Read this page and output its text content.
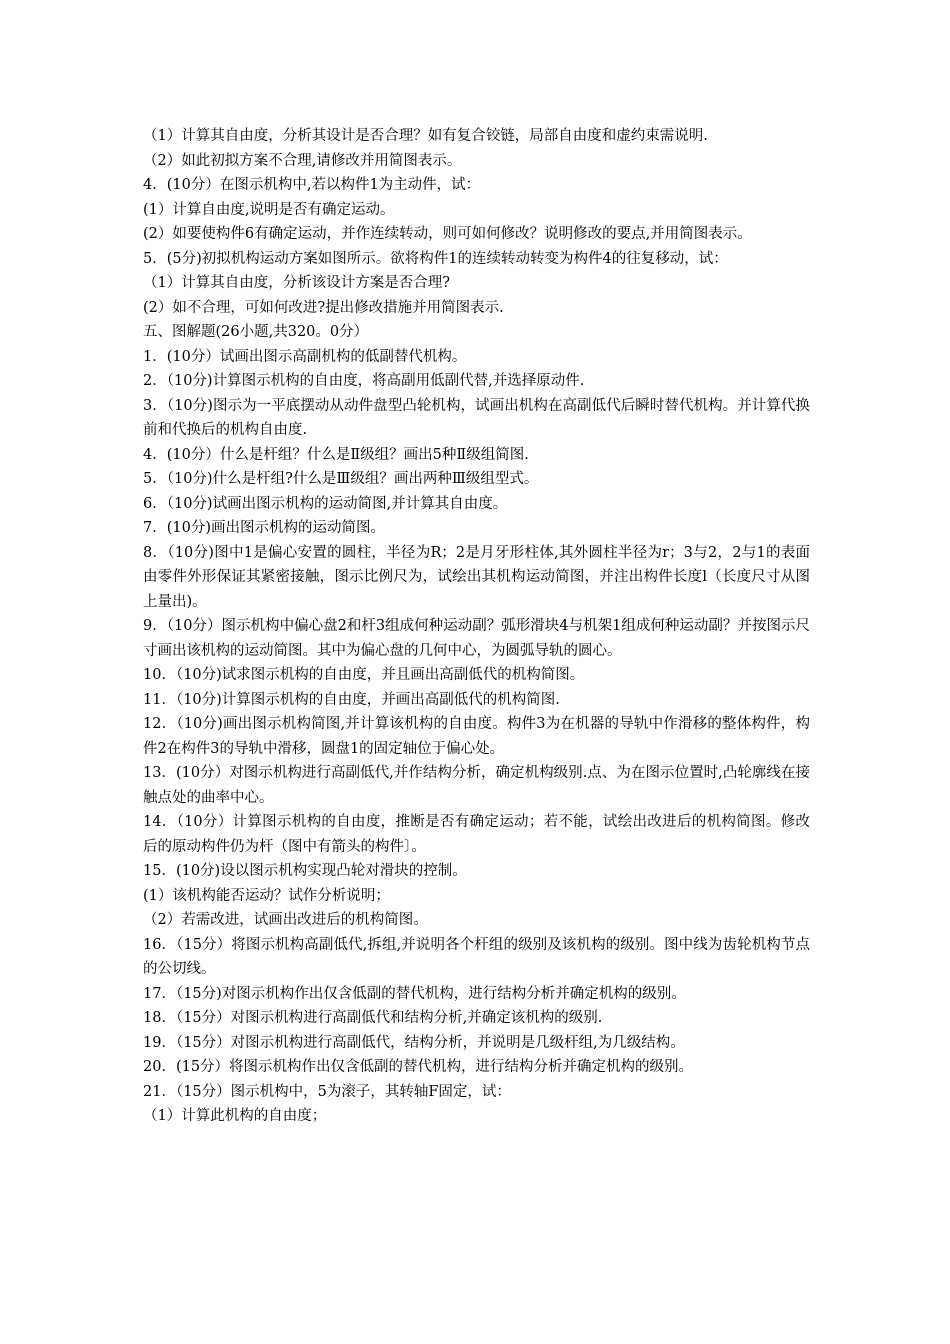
（1）计算其自由度，分析其设计是否合理？如有复合铰链，局部自由度和虚约束需说明.

（2）如此初拟方案不合理,请修改并用简图表示。

4．(10分）在图示机构中,若以构件1为主动件，试：

(1）计算自由度,说明是否有确定运动。

(2）如要使构件6有确定运动，并作连续转动，则可如何修改？说明修改的要点,并用简图表示。

5．(5分)初拟机构运动方案如图所示。欲将构件1的连续转动转变为构件4的往复移动，试：

（1）计算其自由度，分析该设计方案是否合理?

(2）如不合理，可如何改进?提出修改措施并用简图表示.

五、图解题(26小题,共320。0分）

1．(10分）试画出图示高副机构的低副替代机构。

2．（10分)计算图示机构的自由度，将高副用低副代替,并选择原动件.

3．（10分)图示为一平底摆动从动件盘型凸轮机构，试画出机构在高副低代后瞬时替代机构。并计算代换前和代换后的机构自由度.

4．(10分）什么是杆组？什么是Ⅱ级组？画出5种Ⅱ级组简图.

5．（10分)什么是杆组?什么是Ⅲ级组？画出两种Ⅲ级组型式。

6．（10分)试画出图示机构的运动简图,并计算其自由度。

7．(10分)画出图示机构的运动简图。

8．（10分)图中1是偏心安置的圆柱，半径为R；2是月牙形柱体,其外圆柱半径为r；3与2，2与1的表面由零件外形保证其紧密接触，图示比例尺为，试绘出其机构运动简图，并注出构件长度l（长度尺寸从图上量出)。

9．（10分）图示机构中偏心盘2和杆3组成何种运动副？弧形滑块4与机架1组成何种运动副？并按图示尺寸画出该机构的运动简图。其中为偏心盘的几何中心，为圆弧导轨的圆心。

10．（10分)试求图示机构的自由度，并且画出高副低代的机构简图。

11．（10分)计算图示机构的自由度，并画出高副低代的机构简图.

12．（10分)画出图示机构简图,并计算该机构的自由度。构件3为在机器的导轨中作滑移的整体构件，构件2在构件3的导轨中滑移，圆盘1的固定轴位于偏心处。

13．(10分）对图示机构进行高副低代,并作结构分析，确定机构级别.点、为在图示位置时,凸轮廓线在接触点处的曲率中心。

14．（10分）计算图示机构的自由度，推断是否有确定运动；若不能，试绘出改进后的机构简图。修改后的原动构件仍为杆（图中有箭头的构件〕。

15．(10分)设以图示机构实现凸轮对滑块的控制。

(1）该机构能否运动？试作分析说明；

（2）若需改进，试画出改进后的机构简图。

16．（15分）将图示机构高副低代,拆组,并说明各个杆组的级别及该机构的级别。图中线为齿轮机构节点的公切线。

17．（15分)对图示机构作出仅含低副的替代机构，进行结构分析并确定机构的级别。

18．（15分）对图示机构进行高副低代和结构分析,并确定该机构的级别.

19．（15分）对图示机构进行高副低代，结构分析，并说明是几级杆组,为几级结构。

20．(15分）将图示机构作出仅含低副的替代机构，进行结构分析并确定机构的级别。

21．（15分）图示机构中，5为滚子，其转轴F固定，试：

（1）计算此机构的自由度；
